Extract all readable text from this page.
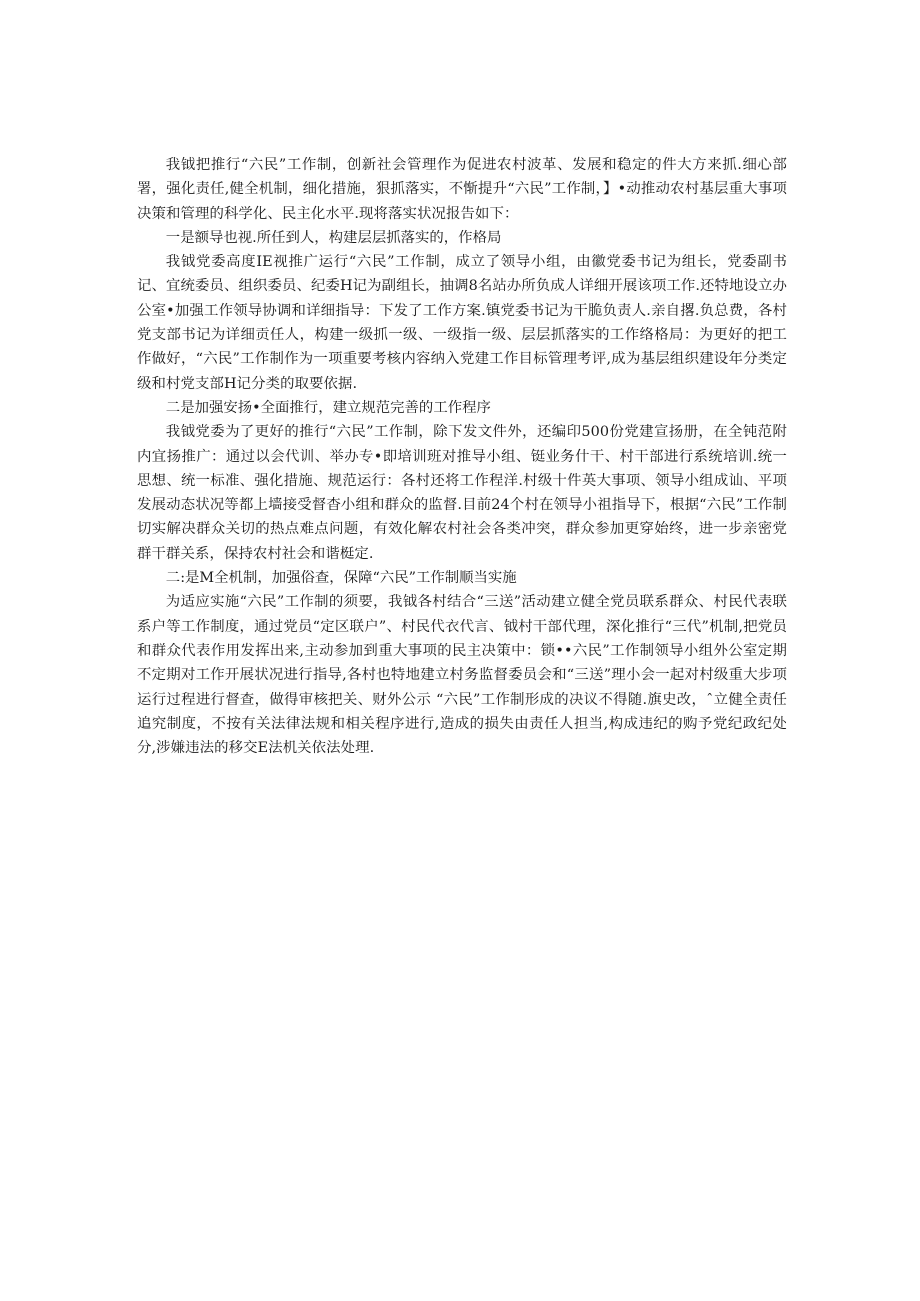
我钺把推行“六民”工作制，创新社会管理作为促进农村波革、发展和稳定的件大方来抓.细心部署，强化责任,健全机制，细化措施，狠抓落实，不惭提升“六民”工作制，】•动推动农村基层重大事项决策和管理的科学化、民主化水平.现将落实状况报告如下：

一是额导也视.所任到人，构建层层抓落实的，作格局

我钺党委高度IE视推广运行“六民”工作制，成立了领导小组，由徽党委书记为组长，党委副书记、宜统委员、组织委员、纪委H记为副组长，抽调8名站办所负成人详细开展该项工作.还特地设立办公室•加强工作领导协调和详细指导：下发了工作方案.镇党委书记为干脆负责人.亲自撂.负总费，各村党支部书记为详细贡任人，构建一级抓一级、一级指一级、层层抓落实的工作络格局：为更好的把工作做好，“六民”工作制作为一项重要考核内容纳入党建工作目标管理考评,成为基层组织建设年分类定级和村党支部H记分类的取要依据.

二是加强安扬•全面推行，建立规范完善的工作程序

我钺党委为了更好的推行“六民”工作制，除下发文件外，还编印500份党建宣扬册，在全钝范附内宜扬推广：通过以会代训、举办专•即培训班对推导小组、铤业务什干、村干部进行系统培训.统一思想、统一标准、强化措施、规范运行：各村还将工作程洋.村级十件英大事项、领导小组成讪、平项发展动态状况等都上墙接受督杳小组和群众的监督.目前24个村在领导小祖指导下，根据“六民”工作制切实解决群众关切的热点难点问题，有效化解农村社会各类冲突，群众参加更穿始终，进一步亲密党群干群关系，保持农村社会和谐梃定.

二:是M全机制，加强俗查，保障“六民”工作制顺当实施

为适应实施“六民”工作制的须要，我钺各村结合“三送”活动建立健全党员联系群众、村民代表联系户等工作制度，通过党员“定区联户”、村民代衣代言、钺村干部代理，深化推行“三代”机制,把党员和群众代表作用发挥出来,主动参加到重大事项的民主决策中：锁••六民”工作制领导小组外公室定期不定期对工作开展状况进行指导,各村也特地建立村务监督委员会和“三送”理小会一起对村级重大步项运行过程进行督查，做得审核把关、财外公示 “六民”工作制形成的决议不得随.旗史改，ˆ立健全责任追究制度，不按有关法律法规和相关程序进行,造成的损失由责任人担当,构成违纪的购予党纪政纪处分,涉嫌违法的移交E法机关依法处理.
